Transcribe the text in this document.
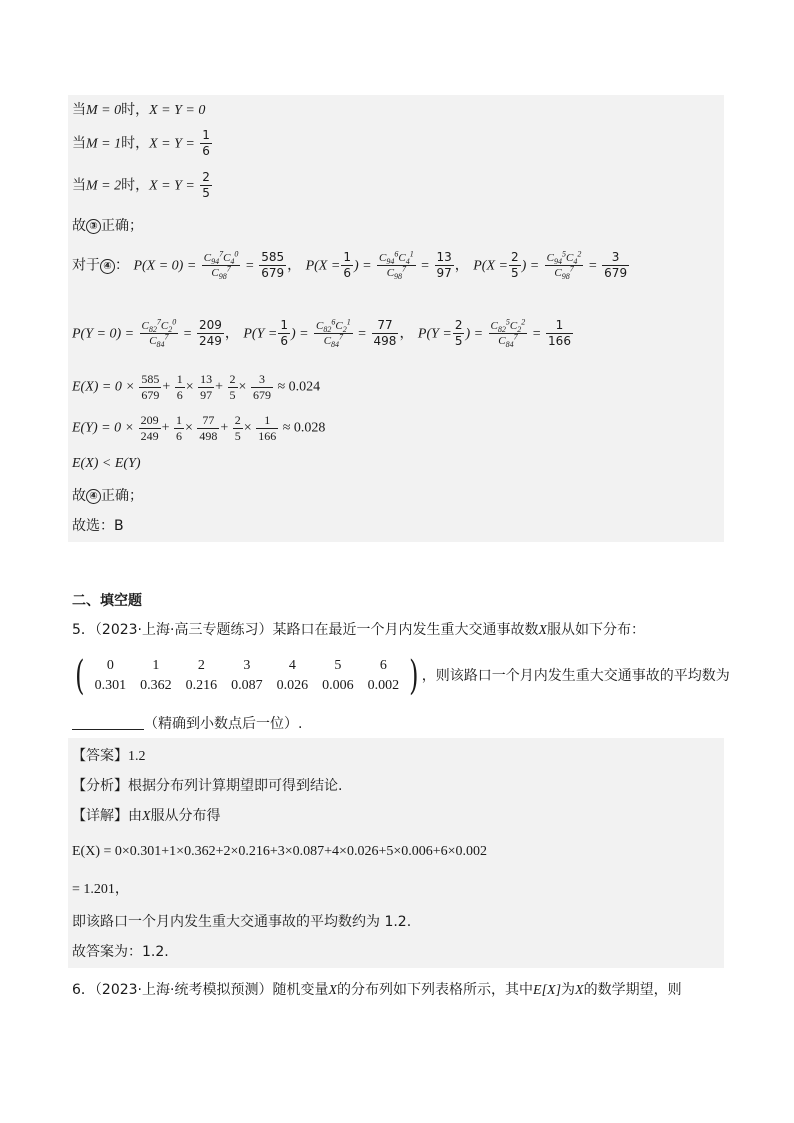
当M = 0时，X = Y = 0
当M = 1时，$X = Y = \frac{1}{6}$
当M = 2时，$X = Y = \frac{2}{5}$
故 ③ 正确；
对于 ④ ： $P(X = 0) = \frac{C_{94}^7C_4^0}{C_{98}^7} = \frac{585}{679}$ ， $P(X = \frac{1}{6}$ ) = $\frac{C_{94}^6C_4^1}{C_{98}^7} = \frac{13}{97}$ ， $P(X = \frac{2}{5}$ ) = $\frac{C_{94}^5C_4^2}{C_{98}^7} = \frac{3}{679}$
$P(Y = 0) = \frac{C_{82}^7C_2^0}{C_{84}^7} = \frac{209}{249}$ ， $P(Y = \frac{1}{6}$ ) = $\frac{C_{82}^6C_2^1}{C_{84}^7} = \frac{77}{498}$ ， $P(Y = \frac{2}{5}$ ) = $\frac{C_{82}^5C_2^2}{C_{84}^7} = \frac{1}{166}$
$E(X) = 0 \times \frac{585}{679} + \frac{1}{6} \times \frac{13}{97} + \frac{2}{5} \times \frac{3}{679} \approx 0.024$
$E(Y) = 0 \times \frac{209}{249} + \frac{1}{6} \times \frac{77}{498} + \frac{2}{5} \times \frac{1}{166} \approx 0.028$
E(X) < E(Y)
故 ④ 正确；
故选：B
二、填空题
5．（2023·上海·高三专题练习）某路口在最近一个月内发生重大交通事故数X服从如下分布：
( 0	1	2	3	4	5	6
0.301	0.362	0.216	0.087	0.026	0.006	0.002 ) ，则该路口一个月内发生重大交通事故的平均数为
（精确到小数点后一位）.
【答案】1.2
【分析】根据分布列计算期望即可得到结论.
【详解】由X服从分布得
E(X) = 0×0.301+1×0.362+2×0.216+3×0.087+4×0.026+5×0.006+6×0.002
= 1.201，
即该路口一个月内发生重大交通事故的平均数约为 1.2.
故答案为：1.2.
6．（2023·上海·统考模拟预测）随机变量X的分布列如下列表格所示，其中E[X]为X的数学期望，则
